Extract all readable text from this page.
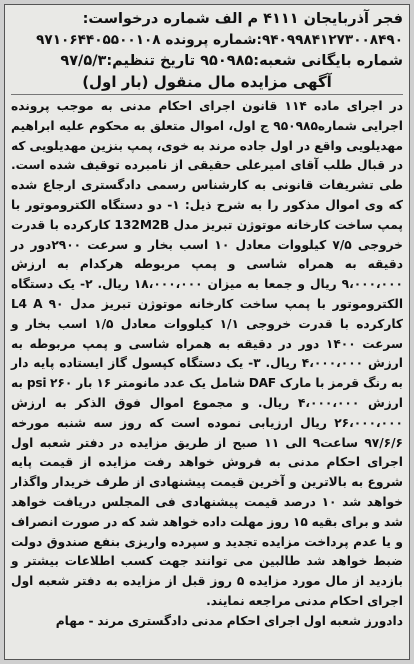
فجر آذربایجان ۴۱۱۱ م الف شماره درخواست:
۹۴۰۹۹۸۴۱۲۷۳۰۰۸۴۹۰:شماره پرونده ۹۷۱۰۶۴۴۰۵۵۰۰۱۰۸
شماره بایگانی شعبه:۹۵۰۹۸۵ تاریخ تنظیم:۹۷/۵/۳
آگهی مزایده مال منقول (بار اول)
در اجرای ماده ۱۱۴ قانون اجرای احکام مدنی به موجب پرونده اجرایی شماره۹۵۰۹۸۵ ج اول، اموال متعلق به محکوم علیه ابراهیم مهدیلویی واقع در اول جاده مرند به خوی، پمپ بنزین مهدیلویی که در قبال طلب آقای امیرعلی حقیقی از نامبرده توقیف شده است. طی تشریفات قانونی به کارشناس رسمی دادگستری ارجاع شده که وی اموال مذکور را به شرح ذیل: ۱- دو دستگاه الکتروموتور با پمپ ساخت کارخانه موتوژن تبریز مدل 132M2B کارکرده با قدرت خروجی ۷/۵ کیلووات معادل ۱۰ اسب بخار و سرعت ۲۹۰۰دور در دقیقه به همراه شاسی و پمپ مربوطه هرکدام به ارزش ۹،۰۰۰،۰۰۰ ریال و جمعا به میزان ۱۸،۰۰۰،۰۰۰ ریال. ۲- یک دستگاه الکتروموتور با پمپ ساخت کارخانه موتوژن تبریز مدل L4 A ۹۰ کارکرده با قدرت خروجی ۱/۱ کیلووات معادل ۱/۵ اسب بخار و سرعت ۱۴۰۰ دور در دقیقه به همراه شاسی و پمپ مربوطه به ارزش ۴،۰۰۰،۰۰۰ ریال. ۳- یک دستگاه کپسول گاز ایستاده پایه دار به رنگ قرمز با مارک DAF شامل یک عدد مانومتر ۱۶ بار psi ۲۶۰ به ارزش ۴،۰۰۰،۰۰۰ ریال. و مجموع اموال فوق الذکر به ارزش ۲۶،۰۰۰،۰۰۰ ریال ارزیابی نموده است که روز سه شنبه مورخه ۹۷/۶/۶ ساعت۹ الی ۱۱ صبح از طریق مزایده در دفتر شعبه اول اجرای احکام مدنی به فروش خواهد رفت مزایده از قیمت پایه شروع به بالاترین و آخرین قیمت پیشنهادی از طرف خریدار واگذار خواهد شد ۱۰ درصد قیمت پیشنهادی فی المجلس دریافت خواهد شد و برای بقیه ۱۵ روز مهلت داده خواهد شد که در صورت انصراف و یا عدم پرداخت مزایده تجدید و سپرده واریزی بنفع صندوق دولت ضبط خواهد شد طالبین می توانند جهت کسب اطلاعات بیشتر و بازدید از مال مورد مزایده ۵ روز قبل از مزایده به دفتر شعبه اول اجرای احکام مدنی مراجعه نمایند.
دادورز شعبه اول اجرای احکام مدنی دادگستری مرند - مهام
